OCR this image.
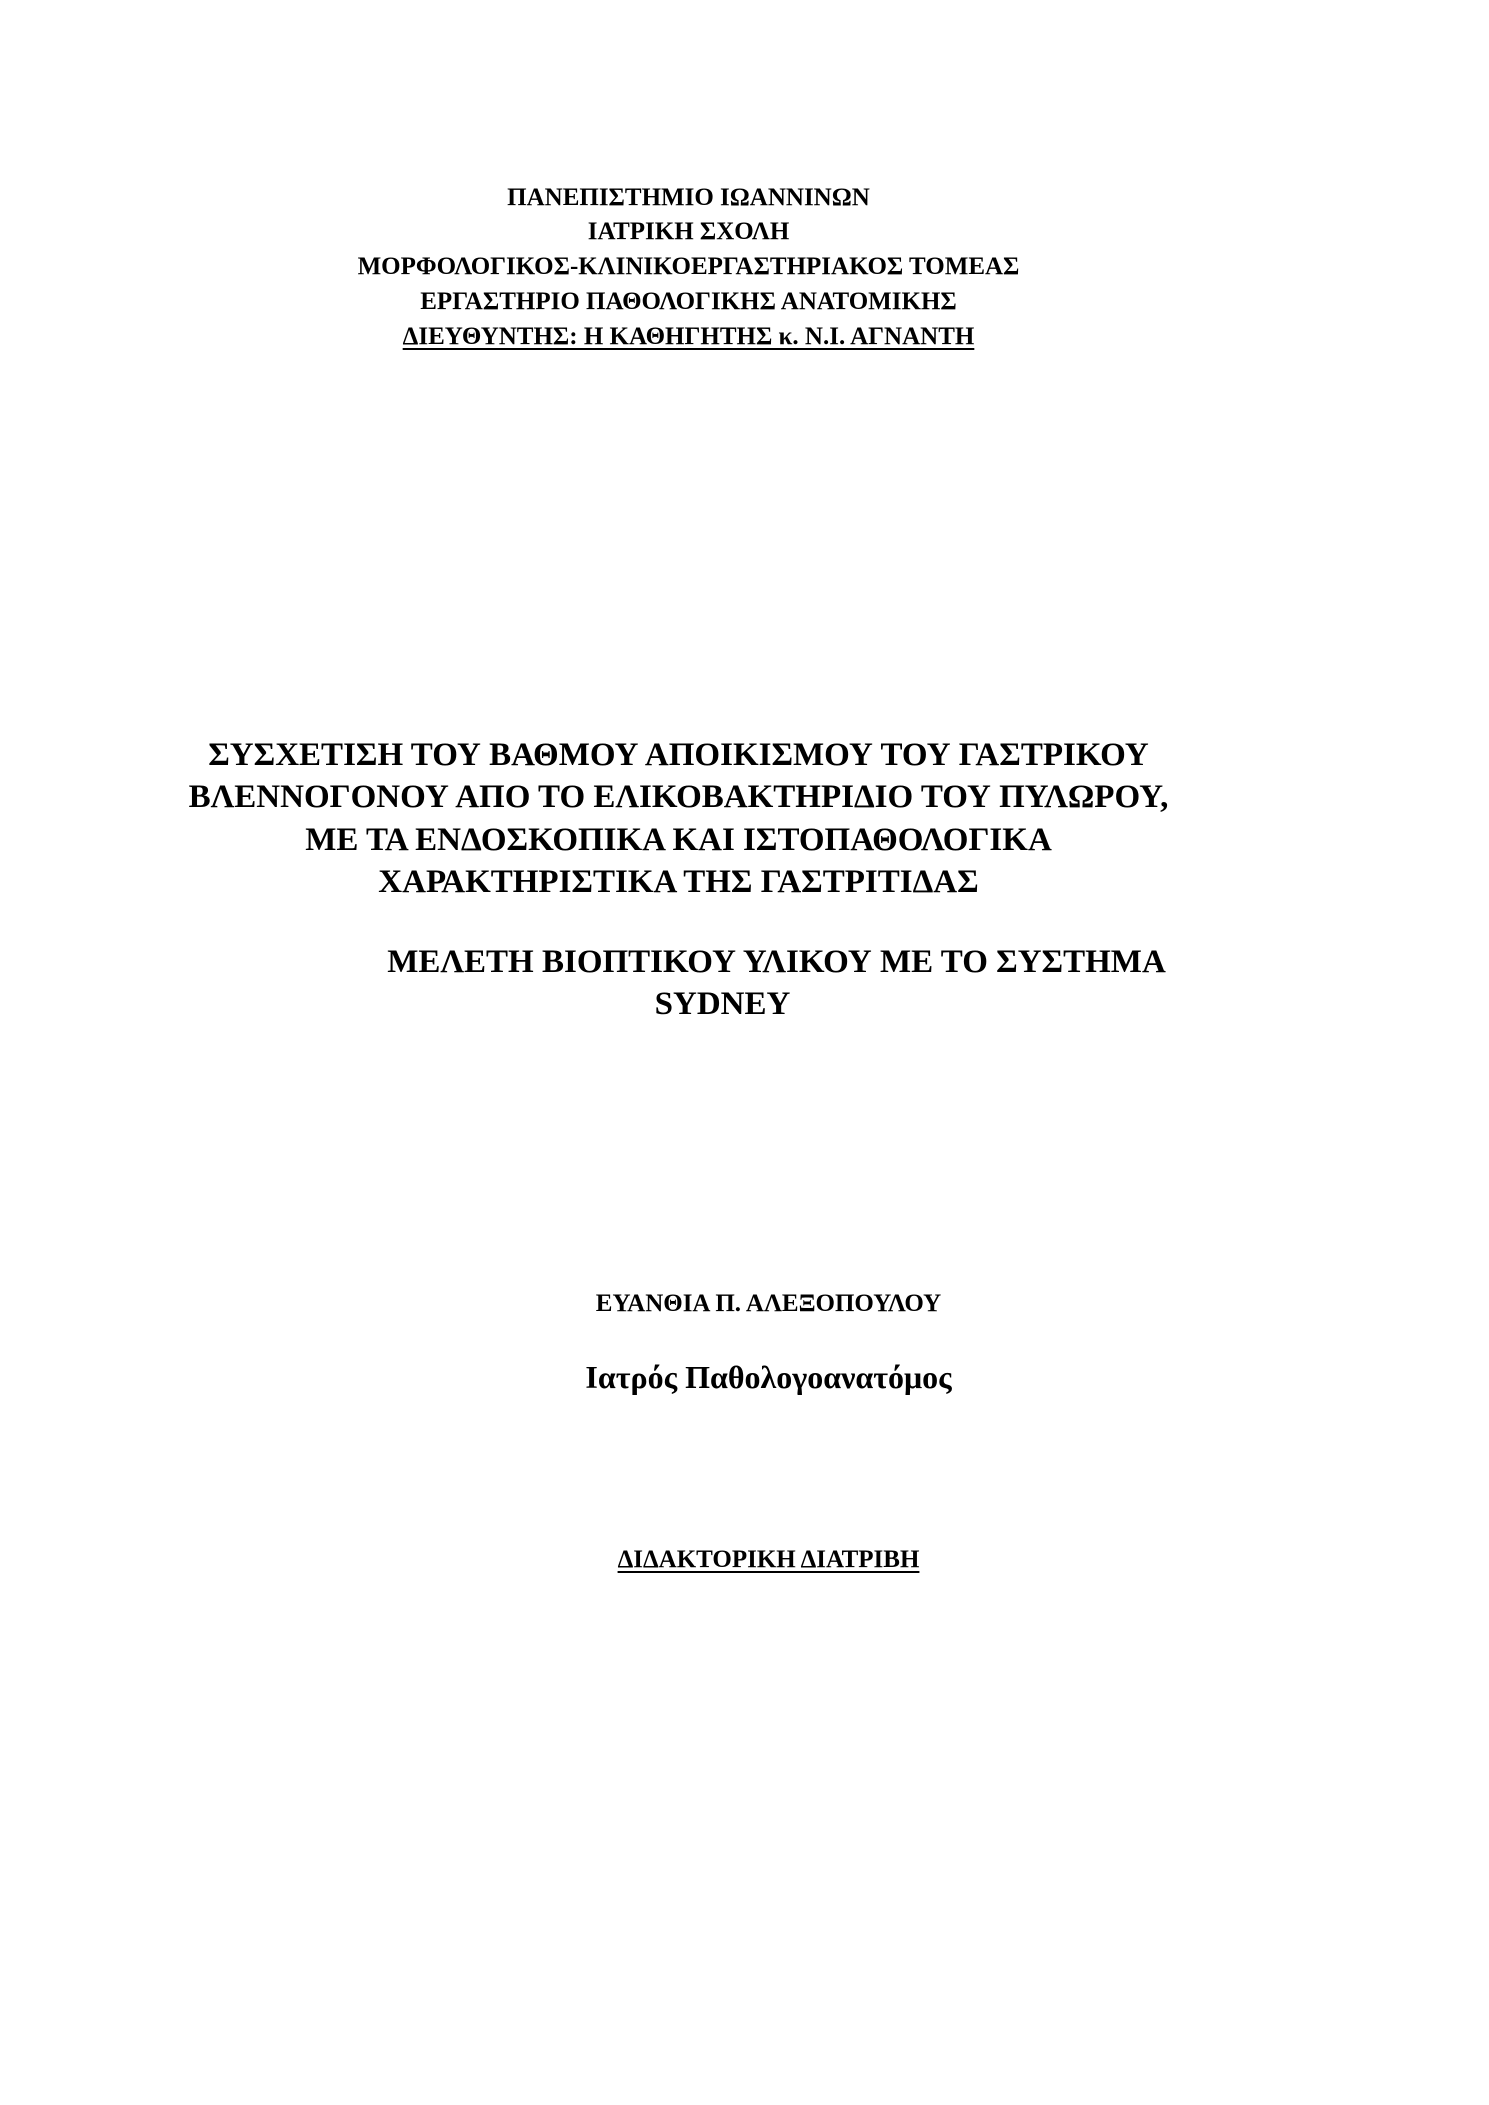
ΠΑΝΕΠΙΣΤΗΜΙΟ ΙΩΑΝΝΙΝΩΝ
ΙΑΤΡΙΚΗ ΣΧΟΛΗ
ΜΟΡΦΟΛΟΓΙΚΟΣ-ΚΛΙΝΙΚΟΕΡΓΑΣΤΗΡΙΑΚΟΣ ΤΟΜΕΑΣ
ΕΡΓΑΣΤΗΡΙΟ ΠΑΘΟΛΟΓΙΚΗΣ ΑΝΑΤΟΜΙΚΗΣ
ΔΙΕΥΘΥΝΤΗΣ: Η ΚΑΘΗΓΗΤΗΣ κ. Ν.Ι. ΑΓΝΑΝΤΗ
ΣΥΣΧΕΤΙΣΗ ΤΟΥ ΒΑΘΜΟΥ ΑΠΟΙΚΙΣΜΟΥ ΤΟΥ ΓΑΣΤΡΙΚΟΥ
ΒΛΕΝΝΟΓΟΝΟΥ ΑΠΟ ΤΟ ΕΛΙΚΟΒΑΚΤΗΡΙΔΙΟ ΤΟΥ ΠΥΛΩΡΟΥ,
ΜΕ ΤΑ ΕΝΔΟΣΚΟΠΙΚΑ ΚΑΙ ΙΣΤΟΠΑΘΟΛΟΓΙΚΑ
ΧΑΡΑΚΤΗΡΙΣΤΙΚΑ ΤΗΣ ΓΑΣΤΡΙΤΙΔΑΣ
ΜΕΛΕΤΗ ΒΙΟΠΤΙΚΟΥ ΥΛΙΚΟΥ ΜΕ ΤΟ ΣΥΣΤΗΜΑ
SYDNEY
ΕΥΑΝΘΙΑ Π. ΑΛΕΞΟΠΟΥΛΟΥ
Ιατρός Παθολογοανατόμος
ΔΙΔΑΚΤΟΡΙΚΗ ΔΙΑΤΡΙΒΗ
